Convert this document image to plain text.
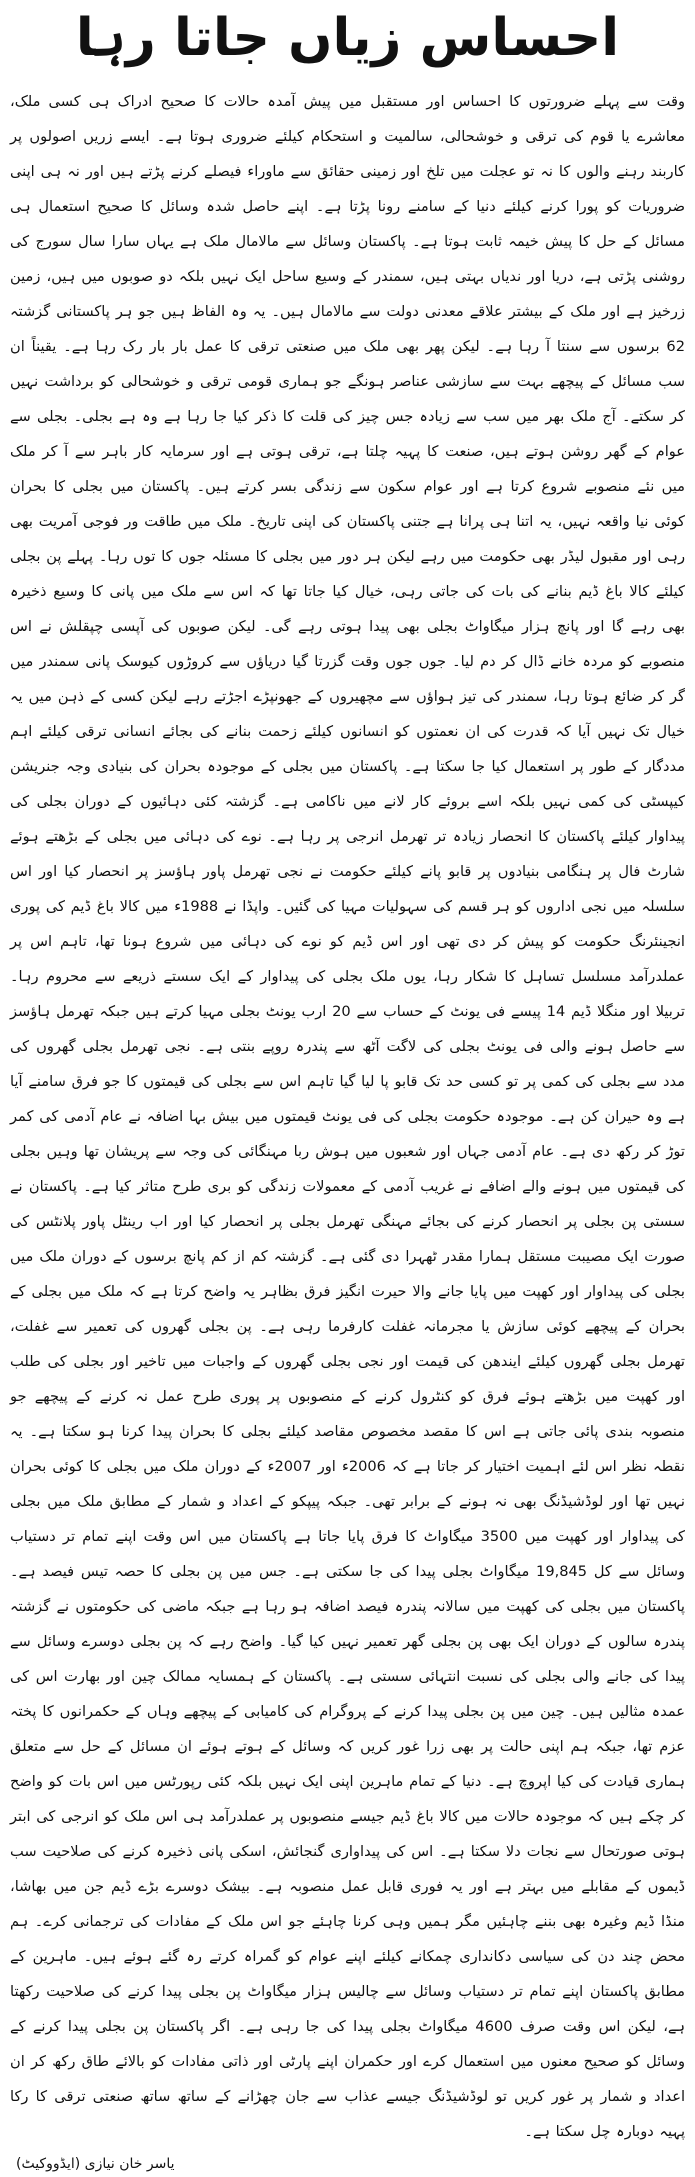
احساس زیاں جاتا رہا

وقت سے پہلے ضرورتوں کا احساس اور مستقبل میں پیش آمدہ حالات کا صحیح ادراک ہی کسی ملک، معاشرے یا قوم کی ترقی و خوشحالی، سالمیت و استحکام کیلئے ضروری ہوتا ہے۔ ایسے زریں اصولوں پر کاربند رہنے والوں کا نہ تو عجلت میں تلخ اور زمینی حقائق سے ماوراء فیصلے کرنے پڑتے ہیں اور نہ ہی اپنی ضروریات کو پورا کرنے کیلئے دنیا کے سامنے رونا پڑتا ہے۔ اپنے حاصل شدہ وسائل کا صحیح استعمال ہی مسائل کے حل کا پیش خیمہ ثابت ہوتا ہے۔ پاکستان وسائل سے مالامال ملک ہے یہاں سارا سال سورج کی روشنی پڑتی ہے، دریا اور ندیاں بہتی ہیں، سمندر کے وسیع ساحل ایک نہیں بلکہ دو صوبوں میں ہیں، زمین زرخیز ہے اور ملک کے بیشتر علاقے معدنی دولت سے مالامال ہیں۔ یہ وہ الفاظ ہیں جو ہر پاکستانی گزشتہ 62 برسوں سے سنتا آ رہا ہے۔ لیکن پھر بھی ملک میں صنعتی ترقی کا عمل بار بار رک رہا ہے۔ یقیناً ان سب مسائل کے پیچھے بہت سے سازشی عناصر ہونگے جو ہماری قومی ترقی و خوشحالی کو برداشت نہیں کر سکتے۔ آج ملک بھر میں سب سے زیادہ جس چیز کی قلت کا ذکر کیا جا رہا ہے وہ ہے بجلی۔ بجلی سے عوام کے گھر روشن ہوتے ہیں، صنعت کا پہیہ چلتا ہے، ترقی ہوتی ہے اور سرمایہ کار باہر سے آ کر ملک میں نئے منصوبے شروع کرتا ہے اور عوام سکون سے زندگی بسر کرتے ہیں۔ پاکستان میں بجلی کا بحران کوئی نیا واقعہ نہیں، یہ اتنا ہی پرانا ہے جتنی پاکستان کی اپنی تاریخ۔ ملک میں طاقت ور فوجی آمریت بھی رہی اور مقبول لیڈر بھی حکومت میں رہے لیکن ہر دور میں بجلی کا مسئلہ جوں کا توں رہا۔ پہلے پن بجلی کیلئے کالا باغ ڈیم بنانے کی بات کی جاتی رہی، خیال کیا جاتا تھا کہ اس سے ملک میں پانی کا وسیع ذخیرہ بھی رہے گا اور پانچ ہزار میگاواٹ بجلی بھی پیدا ہوتی رہے گی۔ لیکن صوبوں کی آپسی چپقلش نے اس منصوبے کو مردہ خانے ڈال کر دم لیا۔ جوں جوں وقت گزرتا گیا دریاؤں سے کروڑوں کیوسک پانی سمندر میں گر کر ضائع ہوتا رہا، سمندر کی تیز ہواؤں سے مچھیروں کے جھونپڑے اجڑتے رہے لیکن کسی کے ذہن میں یہ خیال تک نہیں آیا کہ قدرت کی ان نعمتوں کو انسانوں کیلئے زحمت بنانے کی بجائے انسانی ترقی کیلئے اہم مددگار کے طور پر استعمال کیا جا سکتا ہے۔ پاکستان میں بجلی کے موجودہ بحران کی بنیادی وجہ جنریشن کیپسٹی کی کمی نہیں بلکہ اسے بروئے کار لانے میں ناکامی ہے۔ گزشتہ کئی دہائیوں کے دوران بجلی کی پیداوار کیلئے پاکستان کا انحصار زیادہ تر تھرمل انرجی پر رہا ہے۔ نوے کی دہائی میں بجلی کے بڑھتے ہوئے شارٹ فال پر ہنگامی بنیادوں پر قابو پانے کیلئے حکومت نے نجی تھرمل پاور ہاؤسز پر انحصار کیا اور اس سلسلہ میں نجی اداروں کو ہر قسم کی سہولیات مہیا کی گئیں۔ واپڈا نے 1988ء میں کالا باغ ڈیم کی پوری انجینئرنگ حکومت کو پیش کر دی تھی اور اس ڈیم کو نوے کی دہائی میں شروع ہونا تھا، تاہم اس پر عملدرآمد مسلسل تساہل کا شکار رہا، یوں ملک بجلی کی پیداوار کے ایک سستے ذریعے سے محروم رہا۔ تربیلا اور منگلا ڈیم 14 پیسے فی یونٹ کے حساب سے 20 ارب یونٹ بجلی مہیا کرتے ہیں جبکہ تھرمل ہاؤسز سے حاصل ہونے والی فی یونٹ بجلی کی لاگت آٹھ سے پندرہ روپے بنتی ہے۔ نجی تھرمل بجلی گھروں کی مدد سے بجلی کی کمی پر تو کسی حد تک قابو پا لیا گیا تاہم اس سے بجلی کی قیمتوں کا جو فرق سامنے آیا ہے وہ حیران کن ہے۔ موجودہ حکومت بجلی کی فی یونٹ قیمتوں میں بیش بہا اضافہ نے عام آدمی کی کمر توڑ کر رکھ دی ہے۔ عام آدمی جہاں اور شعبوں میں ہوش ربا مہنگائی کی وجہ سے پریشان تھا وہیں بجلی کی قیمتوں میں ہونے والے اضافے نے غریب آدمی کے معمولات زندگی کو بری طرح متاثر کیا ہے۔ پاکستان نے سستی پن بجلی پر انحصار کرنے کی بجائے مہنگی تھرمل بجلی پر انحصار کیا اور اب رینٹل پاور پلانٹس کی صورت ایک مصیبت مستقل ہمارا مقدر ٹھہرا دی گئی ہے۔ گزشتہ کم از کم پانچ برسوں کے دوران ملک میں بجلی کی پیداوار اور کھپت میں پایا جانے والا حیرت انگیز فرق بظاہر یہ واضح کرتا ہے کہ ملک میں بجلی کے بحران کے پیچھے کوئی سازش یا مجرمانہ غفلت کارفرما رہی ہے۔ پن بجلی گھروں کی تعمیر سے غفلت، تھرمل بجلی گھروں کیلئے ایندھن کی قیمت اور نجی بجلی گھروں کے واجبات میں تاخیر اور بجلی کی طلب اور کھپت میں بڑھتے ہوئے فرق کو کنٹرول کرنے کے منصوبوں پر پوری طرح عمل نہ کرنے کے پیچھے جو منصوبہ بندی پائی جاتی ہے اس کا مقصد مخصوص مقاصد کیلئے بجلی کا بحران پیدا کرنا ہو سکتا ہے۔ یہ نقطہ نظر اس لئے اہمیت اختیار کر جاتا ہے کہ 2006ء اور 2007ء کے دوران ملک میں بجلی کا کوئی بحران نہیں تھا اور لوڈشیڈنگ بھی نہ ہونے کے برابر تھی۔ جبکہ پیپکو کے اعداد و شمار کے مطابق ملک میں بجلی کی پیداوار اور کھپت میں 3500 میگاواٹ کا فرق پایا جاتا ہے پاکستان میں اس وقت اپنے تمام تر دستیاب وسائل سے کل 19,845 میگاواٹ بجلی پیدا کی جا سکتی ہے۔ جس میں پن بجلی کا حصہ تیس فیصد ہے۔ پاکستان میں بجلی کی کھپت میں سالانہ پندرہ فیصد اضافہ ہو رہا ہے جبکہ ماضی کی حکومتوں نے گزشتہ پندرہ سالوں کے دوران ایک بھی پن بجلی گھر تعمیر نہیں کیا گیا۔ واضح رہے کہ پن بجلی دوسرے وسائل سے پیدا کی جانے والی بجلی کی نسبت انتہائی سستی ہے۔ پاکستان کے ہمسایہ ممالک چین اور بھارت اس کی عمدہ مثالیں ہیں۔ چین میں پن بجلی پیدا کرنے کے پروگرام کی کامیابی کے پیچھے وہاں کے حکمرانوں کا پختہ عزم تھا، جبکہ ہم اپنی حالت پر بھی زرا غور کریں کہ وسائل کے ہوتے ہوئے ان مسائل کے حل سے متعلق ہماری قیادت کی کیا اپروچ ہے۔ دنیا کے تمام ماہرین اپنی ایک نہیں بلکہ کئی رپورٹس میں اس بات کو واضح کر چکے ہیں کہ موجودہ حالات میں کالا باغ ڈیم جیسے منصوبوں پر عملدرآمد ہی اس ملک کو انرجی کی ابتر ہوتی صورتحال سے نجات دلا سکتا ہے۔ اس کی پیداواری گنجائش، اسکی پانی ذخیرہ کرنے کی صلاحیت سب ڈیموں کے مقابلے میں بہتر ہے اور یہ فوری قابل عمل منصوبہ ہے۔ بیشک دوسرے بڑے ڈیم جن میں بھاشا، منڈا ڈیم وغیرہ بھی بننے چاہئیں مگر ہمیں وہی کرنا چاہئے جو اس ملک کے مفادات کی ترجمانی کرے۔ ہم محض چند دن کی سیاسی دکانداری چمکانے کیلئے اپنے عوام کو گمراہ کرتے رہ گئے ہوئے ہیں۔ ماہرین کے مطابق پاکستان اپنے تمام تر دستیاب وسائل سے چالیس ہزار میگاواٹ پن بجلی پیدا کرنے کی صلاحیت رکھتا ہے، لیکن اس وقت صرف 4600 میگاواٹ بجلی پیدا کی جا رہی ہے۔ اگر پاکستان پن بجلی پیدا کرنے کے وسائل کو صحیح معنوں میں استعمال کرے اور حکمران اپنے پارٹی اور ذاتی مفادات کو بالائے طاق رکھ کر ان اعداد و شمار پر غور کریں تو لوڈشیڈنگ جیسے عذاب سے جان چھڑانے کے ساتھ ساتھ صنعتی ترقی کا رکا پہیہ دوبارہ چل سکتا ہے۔

یاسر خان نیازی (ایڈووکیٹ)
